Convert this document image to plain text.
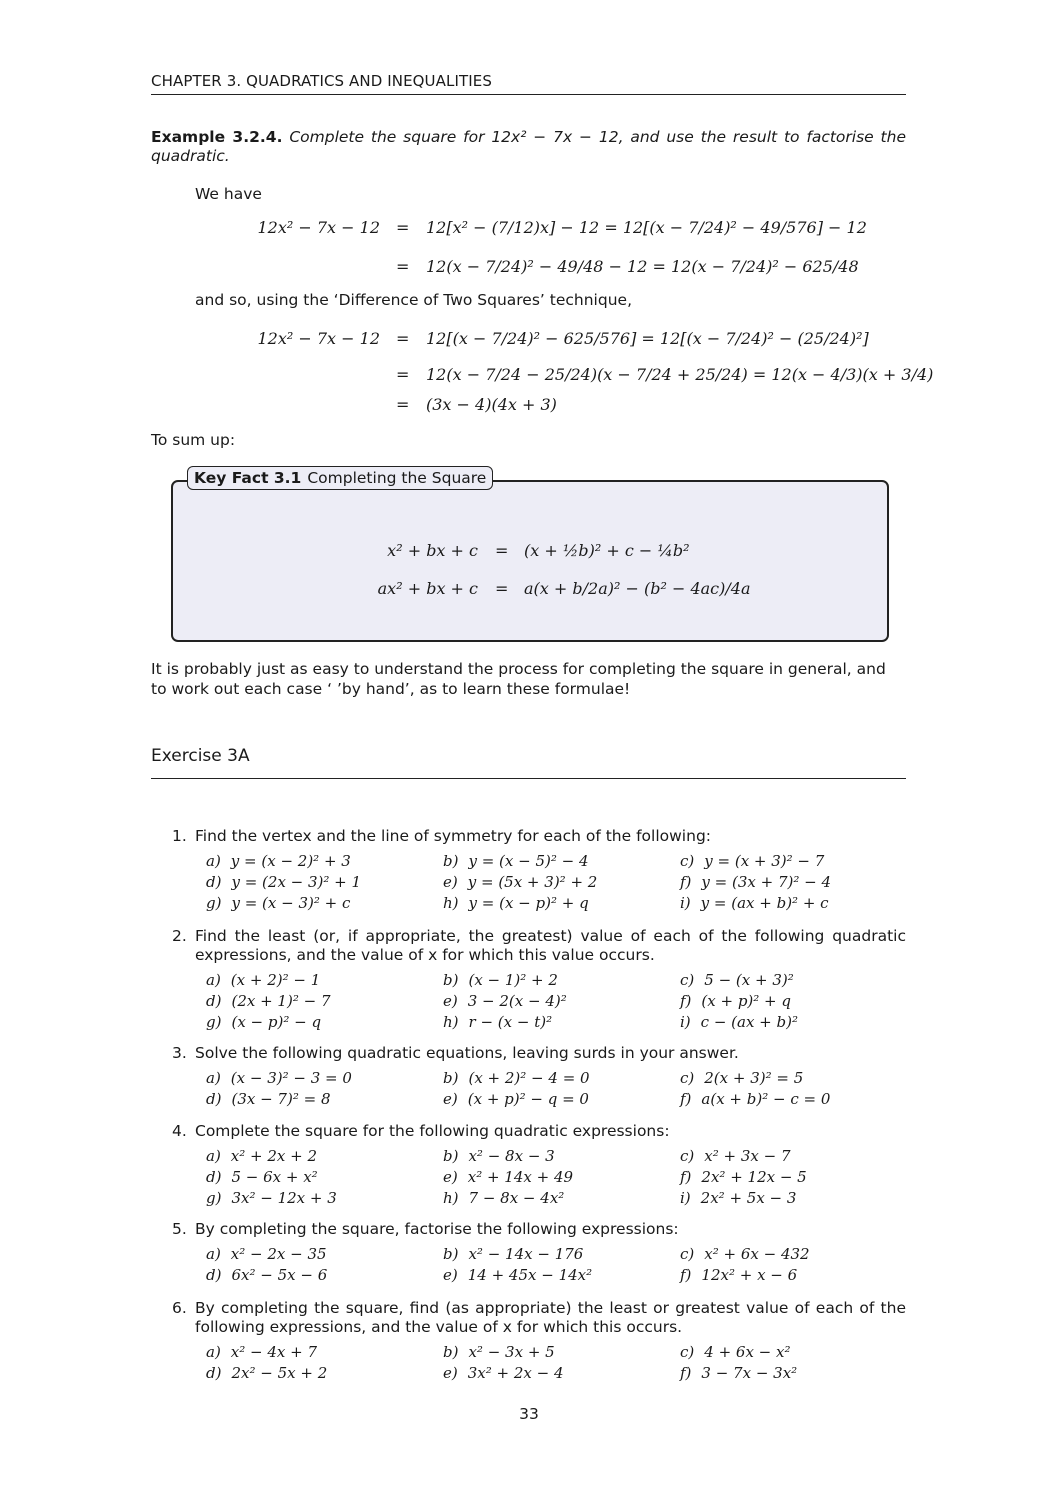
CHAPTER 3. QUADRATICS AND INEQUALITIES
Example 3.2.4. Complete the square for 12x² − 7x − 12, and use the result to factorise the quadratic.
We have
12x² − 7x − 12 = 12[x² − (7/12)x] − 12 = 12[(x − 7/24)² − 49/576] − 12
= 12(x − 7/24)² − 49/48 − 12 = 12(x − 7/24)² − 625/48
and so, using the ‘Difference of Two Squares’ technique,
12x² − 7x − 12 = 12[(x − 7/24)² − 625/576] = 12[(x − 7/24)² − (25/24)²]
= 12(x − 7/24 − 25/24)(x − 7/24 + 25/24) = 12(x − 4/3)(x + 3/4)
= (3x − 4)(4x + 3)
To sum up:
Key Fact 3.1 Completing the Square
x² + bx + c = (x + ½b)² + c − ¼b²
ax² + bx + c = a(x + b/2a)² − (b² − 4ac)/4a
It is probably just as easy to understand the process for completing the square in general, and to work out each case ‘ ’by hand’, as to learn these formulae!
Exercise 3A
1. Find the vertex and the line of symmetry for each of the following:
2. Find the least (or, if appropriate, the greatest) value of each of the following quadratic expressions, and the value of x for which this value occurs.
3. Solve the following quadratic equations, leaving surds in your answer.
4. Complete the square for the following quadratic expressions:
5. By completing the square, factorise the following expressions:
6. By completing the square, find (as appropriate) the least or greatest value of each of the following expressions, and the value of x for which this occurs.
a) y = (x − 2)² + 3	b) y = (x − 5)² − 4	c) y = (x + 3)² − 7
d) y = (2x − 3)² + 1	e) y = (5x + 3)² + 2	f) y = (3x + 7)² − 4
g) y = (x − 3)² + c	h) y = (x − p)² + q	i) y = (ax + b)² + c
a) (x + 2)² − 1	b) (x − 1)² + 2	c) 5 − (x + 3)²
d) (2x + 1)² − 7	e) 3 − 2(x − 4)²	f) (x + p)² + q
g) (x − p)² − q	h) r − (x − t)²	i) c − (ax + b)²
a) (x − 3)² − 3 = 0	b) (x + 2)² − 4 = 0	c) 2(x + 3)² = 5
d) (3x − 7)² = 8	e) (x + p)² − q = 0	f) a(x + b)² − c = 0
a) x² + 2x + 2	b) x² − 8x − 3	c) x² + 3x − 7
d) 5 − 6x + x²	e) x² + 14x + 49	f) 2x² + 12x − 5
g) 3x² − 12x + 3	h) 7 − 8x − 4x²	i) 2x² + 5x − 3
a) x² − 2x − 35	b) x² − 14x − 176	c) x² + 6x − 432
d) 6x² − 5x − 6	e) 14 + 45x − 14x²	f) 12x² + x − 6
a) x² − 4x + 7	b) x² − 3x + 5	c) 4 + 6x − x²
d) 2x² − 5x + 2	e) 3x² + 2x − 4	f) 3 − 7x − 3x²
33
